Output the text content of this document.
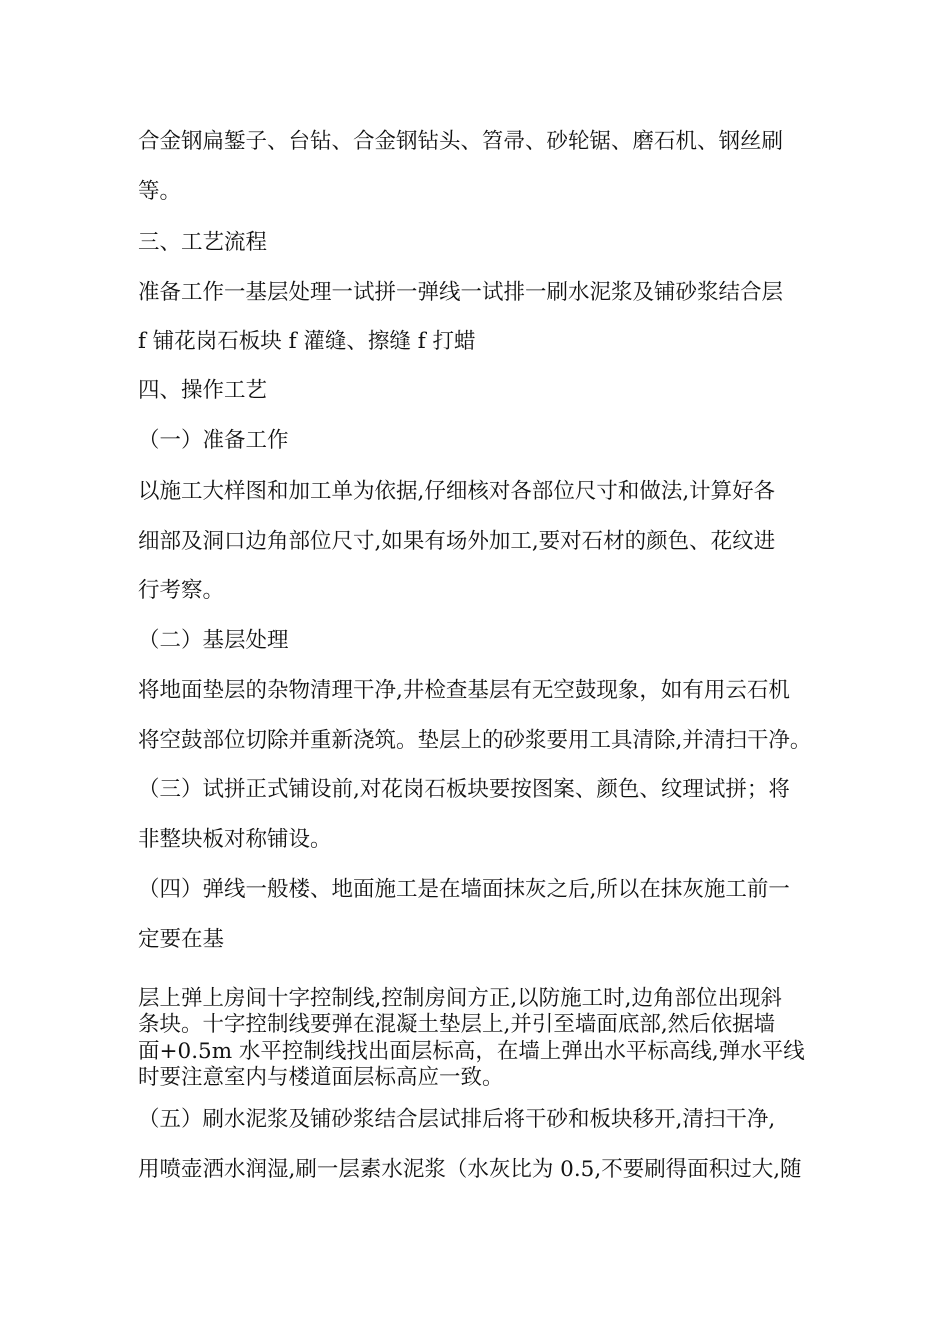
合金钢扁錾子、台钻、合金钢钻头、笤帚、砂轮锯、磨石机、钢丝刷
等。
三、工艺流程
准备工作一基层处理一试拼一弹线一试排一刷水泥浆及铺砂浆结合层
f 铺花岗石板块 f 灌缝、擦缝 f 打蜡
四、操作工艺
（一）准备工作
以施工大样图和加工单为依据,仔细核对各部位尺寸和做法,计算好各
细部及洞口边角部位尺寸,如果有场外加工,要对石材的颜色、花纹进
行考察。
（二）基层处理
将地面垫层的杂物清理干净,井检查基层有无空鼓现象，如有用云石机
将空鼓部位切除并重新浇筑。垫层上的砂浆要用工具清除,并清扫干净。
（三）试拼正式铺设前,对花岗石板块要按图案、颜色、纹理试拼；将
非整块板对称铺设。
（四）弹线一般楼、地面施工是在墙面抹灰之后,所以在抹灰施工前一
定要在基
层上弹上房间十字控制线,控制房间方正,以防施工时,边角部位出现斜
条块。十字控制线要弹在混凝土垫层上,并引至墙面底部,然后依据墙
面+0.5m 水平控制线找出面层标高，在墙上弹出水平标高线,弹水平线
时要注意室内与楼道面层标高应一致。
（五）刷水泥浆及铺砂浆结合层试排后将干砂和板块移开,清扫干净,
用喷壶洒水润湿,刷一层素水泥浆（水灰比为 0.5,不要刷得面积过大,随
